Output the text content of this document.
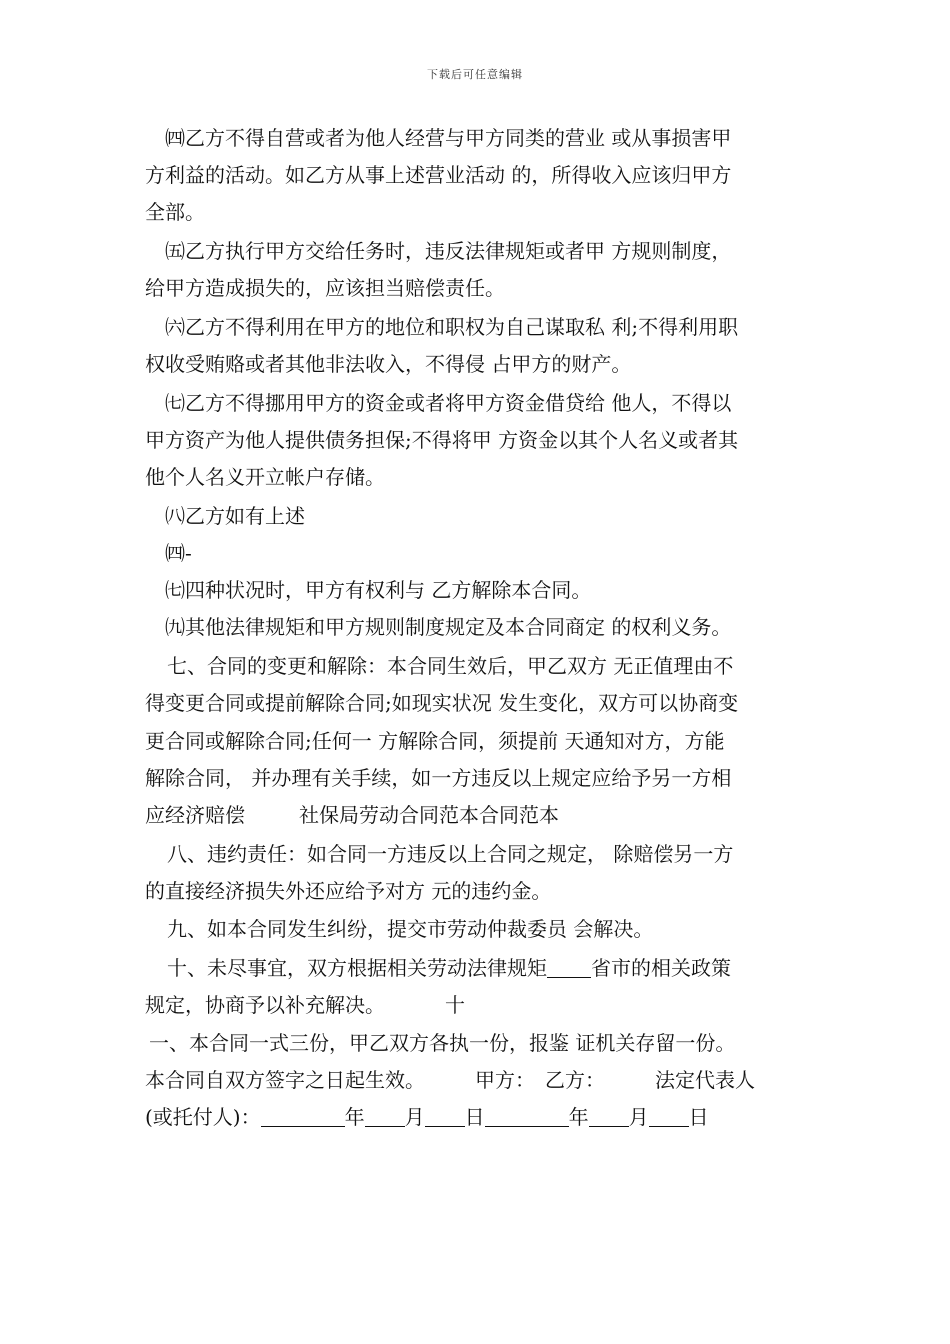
下载后可任意编辑
㈣乙方不得自营或者为他人经营与甲方同类的营业 或从事损害甲
方利益的活动。如乙方从事上述营业活动 的，所得收入应该归甲方
全部。
㈤乙方执行甲方交给任务时，违反法律规矩或者甲 方规则制度，
给甲方造成损失的，应该担当赔偿责任。
㈥乙方不得利用在甲方的地位和职权为自己谋取私 利;不得利用职
权收受贿赂或者其他非法收入，不得侵 占甲方的财产。
㈦乙方不得挪用甲方的资金或者将甲方资金借贷给 他人，不得以
甲方资产为他人提供债务担保;不得将甲 方资金以其个人名义或者其
他个人名义开立帐户存储。
㈧乙方如有上述
㈣-
㈦四种状况时，甲方有权利与 乙方解除本合同。
㈨其他法律规矩和甲方规则制度规定及本合同商定 的权利义务。
七、合同的变更和解除：本合同生效后，甲乙双方 无正值理由不
得变更合同或提前解除合同;如现实状况 发生变化，双方可以协商变
更合同或解除合同;任何一 方解除合同，须提前 天通知对方，方能
解除合同， 并办理有关手续，如一方违反以上规定应给予另一方相
应经济赔偿	社保局劳动合同范本合同范本
八、违约责任：如合同一方违反以上合同之规定， 除赔偿另一方
的直接经济损失外还应给予对方 元的违约金。
九、如本合同发生纠纷，提交市劳动仲裁委员 会解决。
十、未尽事宜，双方根据相关劳动法律规矩 省市的相关政策
规定，协商予以补充解决。	十
一、本合同一式三份，甲乙双方各执一份，报鉴 证机关存留一份。
本合同自双方签字之日起生效。	甲方： 乙方：	法定代表人
(或托付人)：	年 月 日	年 月 日
